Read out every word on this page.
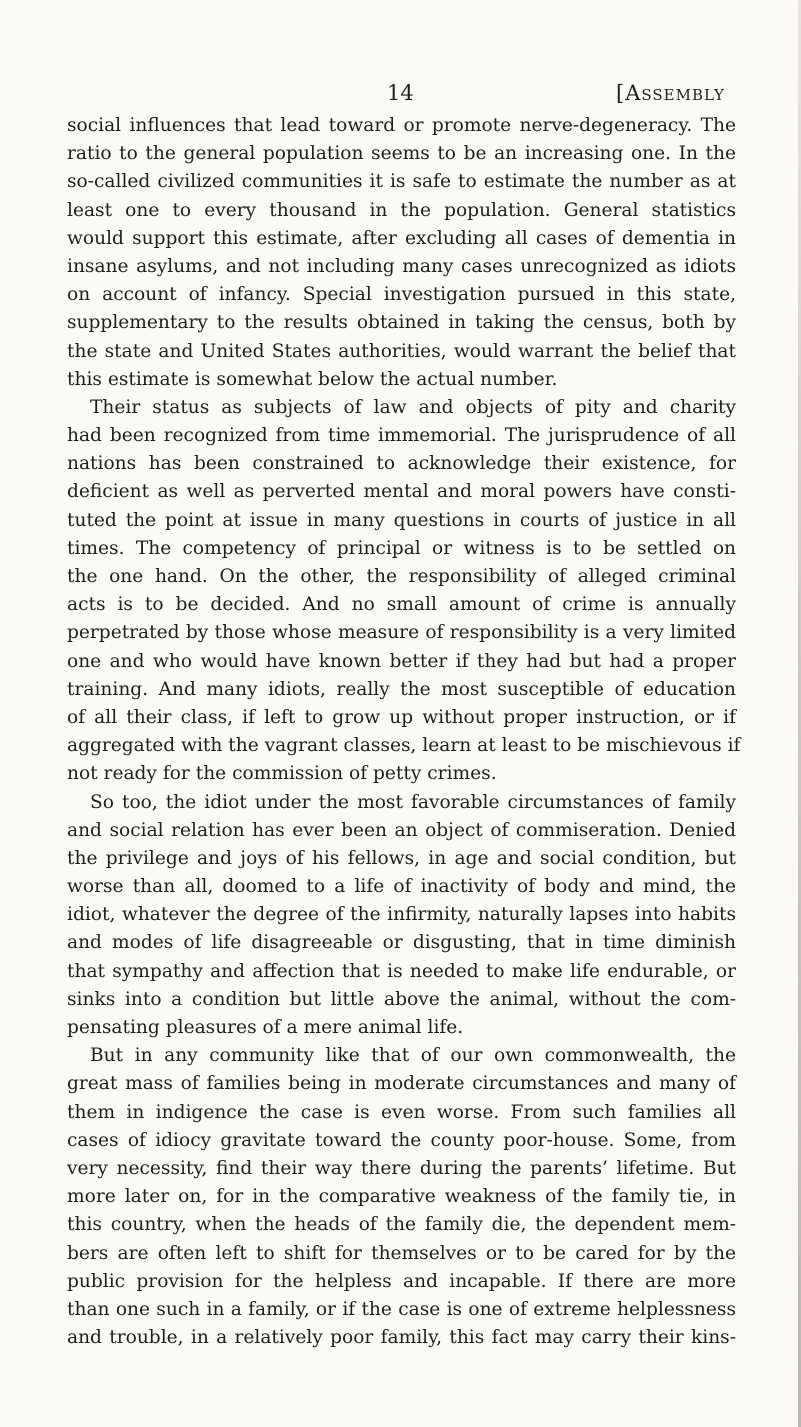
14	[Assembly
social influences that lead toward or promote nerve-degeneracy. The
ratio to the general population seems to be an increasing one. In the
so-called civilized communities it is safe to estimate the number as at
least one to every thousand in the population. General statistics
would support this estimate, after excluding all cases of dementia in
insane asylums, and not including many cases unrecognized as idiots
on account of infancy. Special investigation pursued in this state,
supplementary to the results obtained in taking the census, both by
the state and United States authorities, would warrant the belief that
this estimate is somewhat below the actual number.
Their status as subjects of law and objects of pity and charity
had been recognized from time immemorial. The jurisprudence of all
nations has been constrained to acknowledge their existence, for
deficient as well as perverted mental and moral powers have consti-
tuted the point at issue in many questions in courts of justice in all
times. The competency of principal or witness is to be settled on
the one hand. On the other, the responsibility of alleged criminal
acts is to be decided. And no small amount of crime is annually
perpetrated by those whose measure of responsibility is a very limited
one and who would have known better if they had but had a proper
training. And many idiots, really the most susceptible of education
of all their class, if left to grow up without proper instruction, or if
aggregated with the vagrant classes, learn at least to be mischievous if
not ready for the commission of petty crimes.
So too, the idiot under the most favorable circumstances of family
and social relation has ever been an object of commiseration. Denied
the privilege and joys of his fellows, in age and social condition, but
worse than all, doomed to a life of inactivity of body and mind, the
idiot, whatever the degree of the infirmity, naturally lapses into habits
and modes of life disagreeable or disgusting, that in time diminish
that sympathy and affection that is needed to make life endurable, or
sinks into a condition but little above the animal, without the com-
pensating pleasures of a mere animal life.
But in any community like that of our own commonwealth, the
great mass of families being in moderate circumstances and many of
them in indigence the case is even worse. From such families all
cases of idiocy gravitate toward the county poor-house. Some, from
very necessity, find their way there during the parents’ lifetime. But
more later on, for in the comparative weakness of the family tie, in
this country, when the heads of the family die, the dependent mem-
bers are often left to shift for themselves or to be cared for by the
public provision for the helpless and incapable. If there are more
than one such in a family, or if the case is one of extreme helplessness
and trouble, in a relatively poor family, this fact may carry their kins-
